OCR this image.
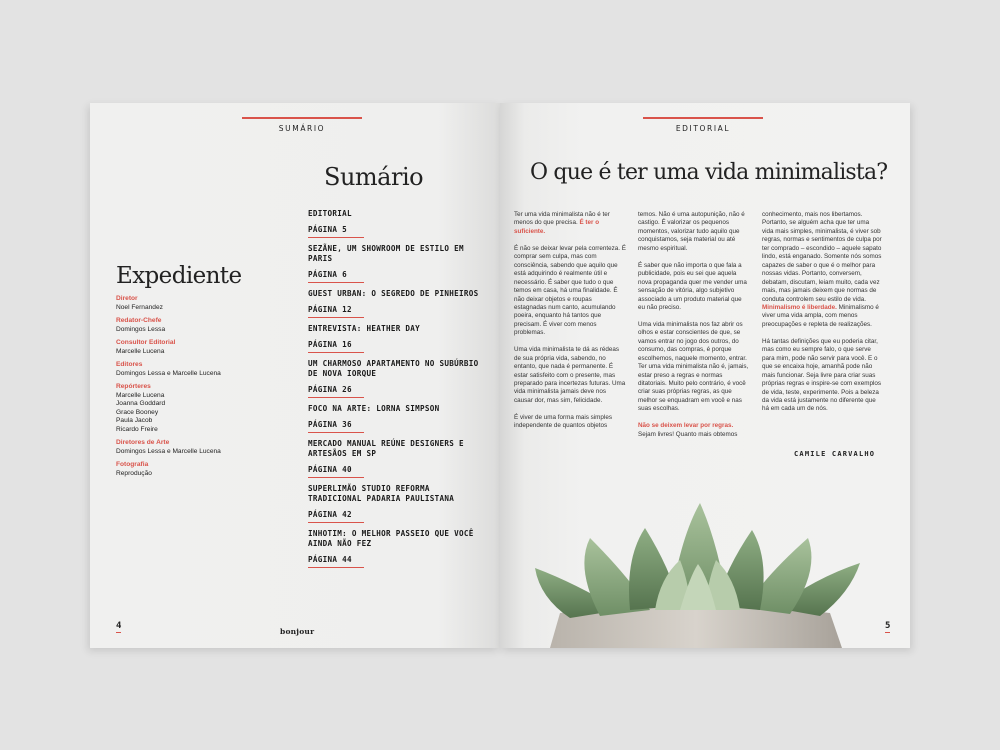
SUMÁRIO
Sumário
EDITORIAL
PÁGINA 5
SEZÃNE, UM SHOWROOM DE ESTILO EM PARIS
PÁGINA 6
GUEST URBAN: O SEGREDO DE PINHEIROS
PÁGINA 12
ENTREVISTA: HEATHER DAY
PÁGINA 16
UM CHARMOSO APARTAMENTO NO SUBÚRBIO DE NOVA IORQUE
PÁGINA 26
FOCO NA ARTE: LORNA SIMPSON
PÁGINA 36
MERCADO MANUAL REÚNE DESIGNERS E ARTESÃOS EM SP
PÁGINA 40
SUPERLIMÃO STUDIO REFORMA TRADICIONAL PADARIA PAULISTANA
PÁGINA 42
INHOTIM: O MELHOR PASSEIO QUE VOCÊ AINDA NÃO FEZ
PÁGINA 44
Expediente
Diretor
Noel Fernandez
Redator-Chefe
Domingos Lessa
Consultor Editorial
Marcelle Lucena
Editores
Domingos Lessa e Marcelle Lucena
Repórteres
Marcelle Lucena
Joanna Goddard
Grace Booney
Paula Jacob
Ricardo Freire
Diretores de Arte
Domingos Lessa e Marcelle Lucena
Fotografia
Reprodução
4
bonjour
EDITORIAL
O que é ter uma vida minimalista?

Ter uma vida minimalista não é ter menos do que precisa. É ter o suficiente.

É não se deixar levar pela correnteza. É comprar sem culpa, mas com consciência, sabendo que aquilo que está adquirindo é realmente útil e necessário. É saber que tudo o que temos em casa, há uma finalidade. É não deixar objetos e roupas estagnadas num canto, acumulando poeira, enquanto há tantos que precisam. É viver com menos problemas.

Uma vida minimalista te dá as rédeas de sua própria vida, sabendo, no entanto, que nada é permanente. É estar satisfeito com o presente, mas preparado para incertezas futuras. Uma vida minimalista jamais deve nos causar dor, mas sim, felicidade.

É viver de uma forma mais simples independente de quantos objetos

temos. Não é uma autopunição, não é castigo. É valorizar os pequenos momentos, valorizar tudo aquilo que conquistamos, seja material ou até mesmo espiritual.

É saber que não importa o que fala a publicidade, pois eu sei que aquela nova propaganda quer me vender uma sensação de vitória, algo subjetivo associado a um produto material que eu não preciso.

Uma vida minimalista nos faz abrir os olhos e estar conscientes de que, se vamos entrar no jogo dos outros, do consumo, das compras, é porque escolhemos, naquele momento, entrar. Ter uma vida minimalista não é, jamais, estar preso a regras e normas ditatoriais. Muito pelo contrário, é você criar suas próprias regras, as que melhor se enquadram em você e nas suas escolhas.

Não se deixem levar por regras. Sejam livres! Quanto mais obtemos

conhecimento, mais nos libertamos. Portanto, se alguém acha que ter uma vida mais simples, minimalista, é viver sob regras, normas e sentimentos de culpa por ter comprado – escondido – aquele sapato lindo, está enganado. Somente nós somos capazes de saber o que é o melhor para nossas vidas. Portanto, conversem, debatam, discutam, leiam muito, cada vez mais, mas jamais deixem que normas de conduta controlem seu estilo de vida. Minimalismo é liberdade. Minimalismo é viver uma vida ampla, com menos preocupações e repleta de realizações.

Há tantas definições que eu poderia citar, mas como eu sempre falo, o que serve para mim, pode não servir para você. E o que se encaixa hoje, amanhã pode não mais funcionar. Seja livre para criar suas próprias regras e inspire-se com exemplos de vida, teste, experimente. Pois a beleza da vida está justamente no diferente que há em cada um de nós.

CAMILE CARVALHO
5
